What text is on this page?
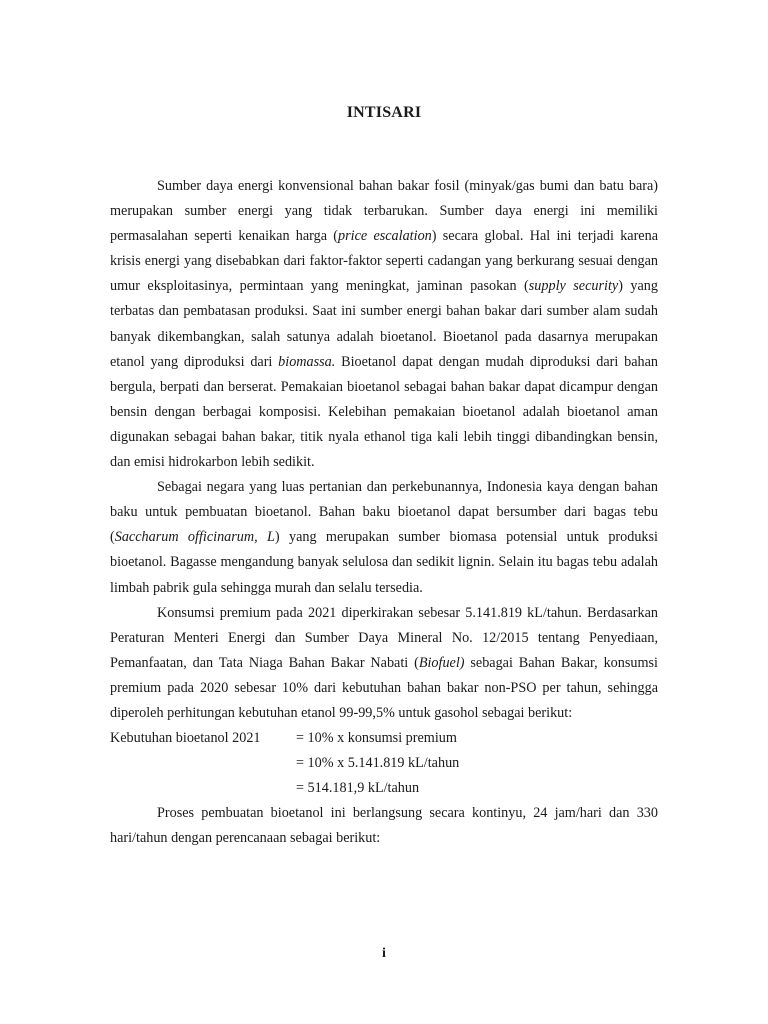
INTISARI

Sumber daya energi konvensional bahan bakar fosil (minyak/gas bumi dan batu bara) merupakan sumber energi yang tidak terbarukan. Sumber daya energi ini memiliki permasalahan seperti kenaikan harga (price escalation) secara global. Hal ini terjadi karena krisis energi yang disebabkan dari faktor-faktor seperti cadangan yang berkurang sesuai dengan umur eksploitasinya, permintaan yang meningkat, jaminan pasokan (supply security) yang terbatas dan pembatasan produksi. Saat ini sumber energi bahan bakar dari sumber alam sudah banyak dikembangkan, salah satunya adalah bioetanol. Bioetanol pada dasarnya merupakan etanol yang diproduksi dari biomassa. Bioetanol dapat dengan mudah diproduksi dari bahan bergula, berpati dan berserat. Pemakaian bioetanol sebagai bahan bakar dapat dicampur dengan bensin dengan berbagai komposisi. Kelebihan pemakaian bioetanol adalah bioetanol aman digunakan sebagai bahan bakar, titik nyala ethanol tiga kali lebih tinggi dibandingkan bensin, dan emisi hidrokarbon lebih sedikit.

Sebagai negara yang luas pertanian dan perkebunannya, Indonesia kaya dengan bahan baku untuk pembuatan bioetanol. Bahan baku bioetanol dapat bersumber dari bagas tebu (Saccharum officinarum, L) yang merupakan sumber biomasa potensial untuk produksi bioetanol. Bagasse mengandung banyak selulosa dan sedikit lignin. Selain itu bagas tebu adalah limbah pabrik gula sehingga murah dan selalu tersedia.

Konsumsi premium pada 2021 diperkirakan sebesar 5.141.819 kL/tahun. Berdasarkan Peraturan Menteri Energi dan Sumber Daya Mineral No. 12/2015 tentang Penyediaan, Pemanfaatan, dan Tata Niaga Bahan Bakar Nabati (Biofuel) sebagai Bahan Bakar, konsumsi premium pada 2020 sebesar 10% dari kebutuhan bahan bakar non-PSO per tahun, sehingga diperoleh perhitungan kebutuhan etanol 99-99,5% untuk gasohol sebagai berikut:

Kebutuhan bioetanol 2021	= 10% x konsumsi premium
= 10% x 5.141.819 kL/tahun
= 514.181,9 kL/tahun

Proses pembuatan bioetanol ini berlangsung secara kontinyu, 24 jam/hari dan 330 hari/tahun dengan perencanaan sebagai berikut:

i
